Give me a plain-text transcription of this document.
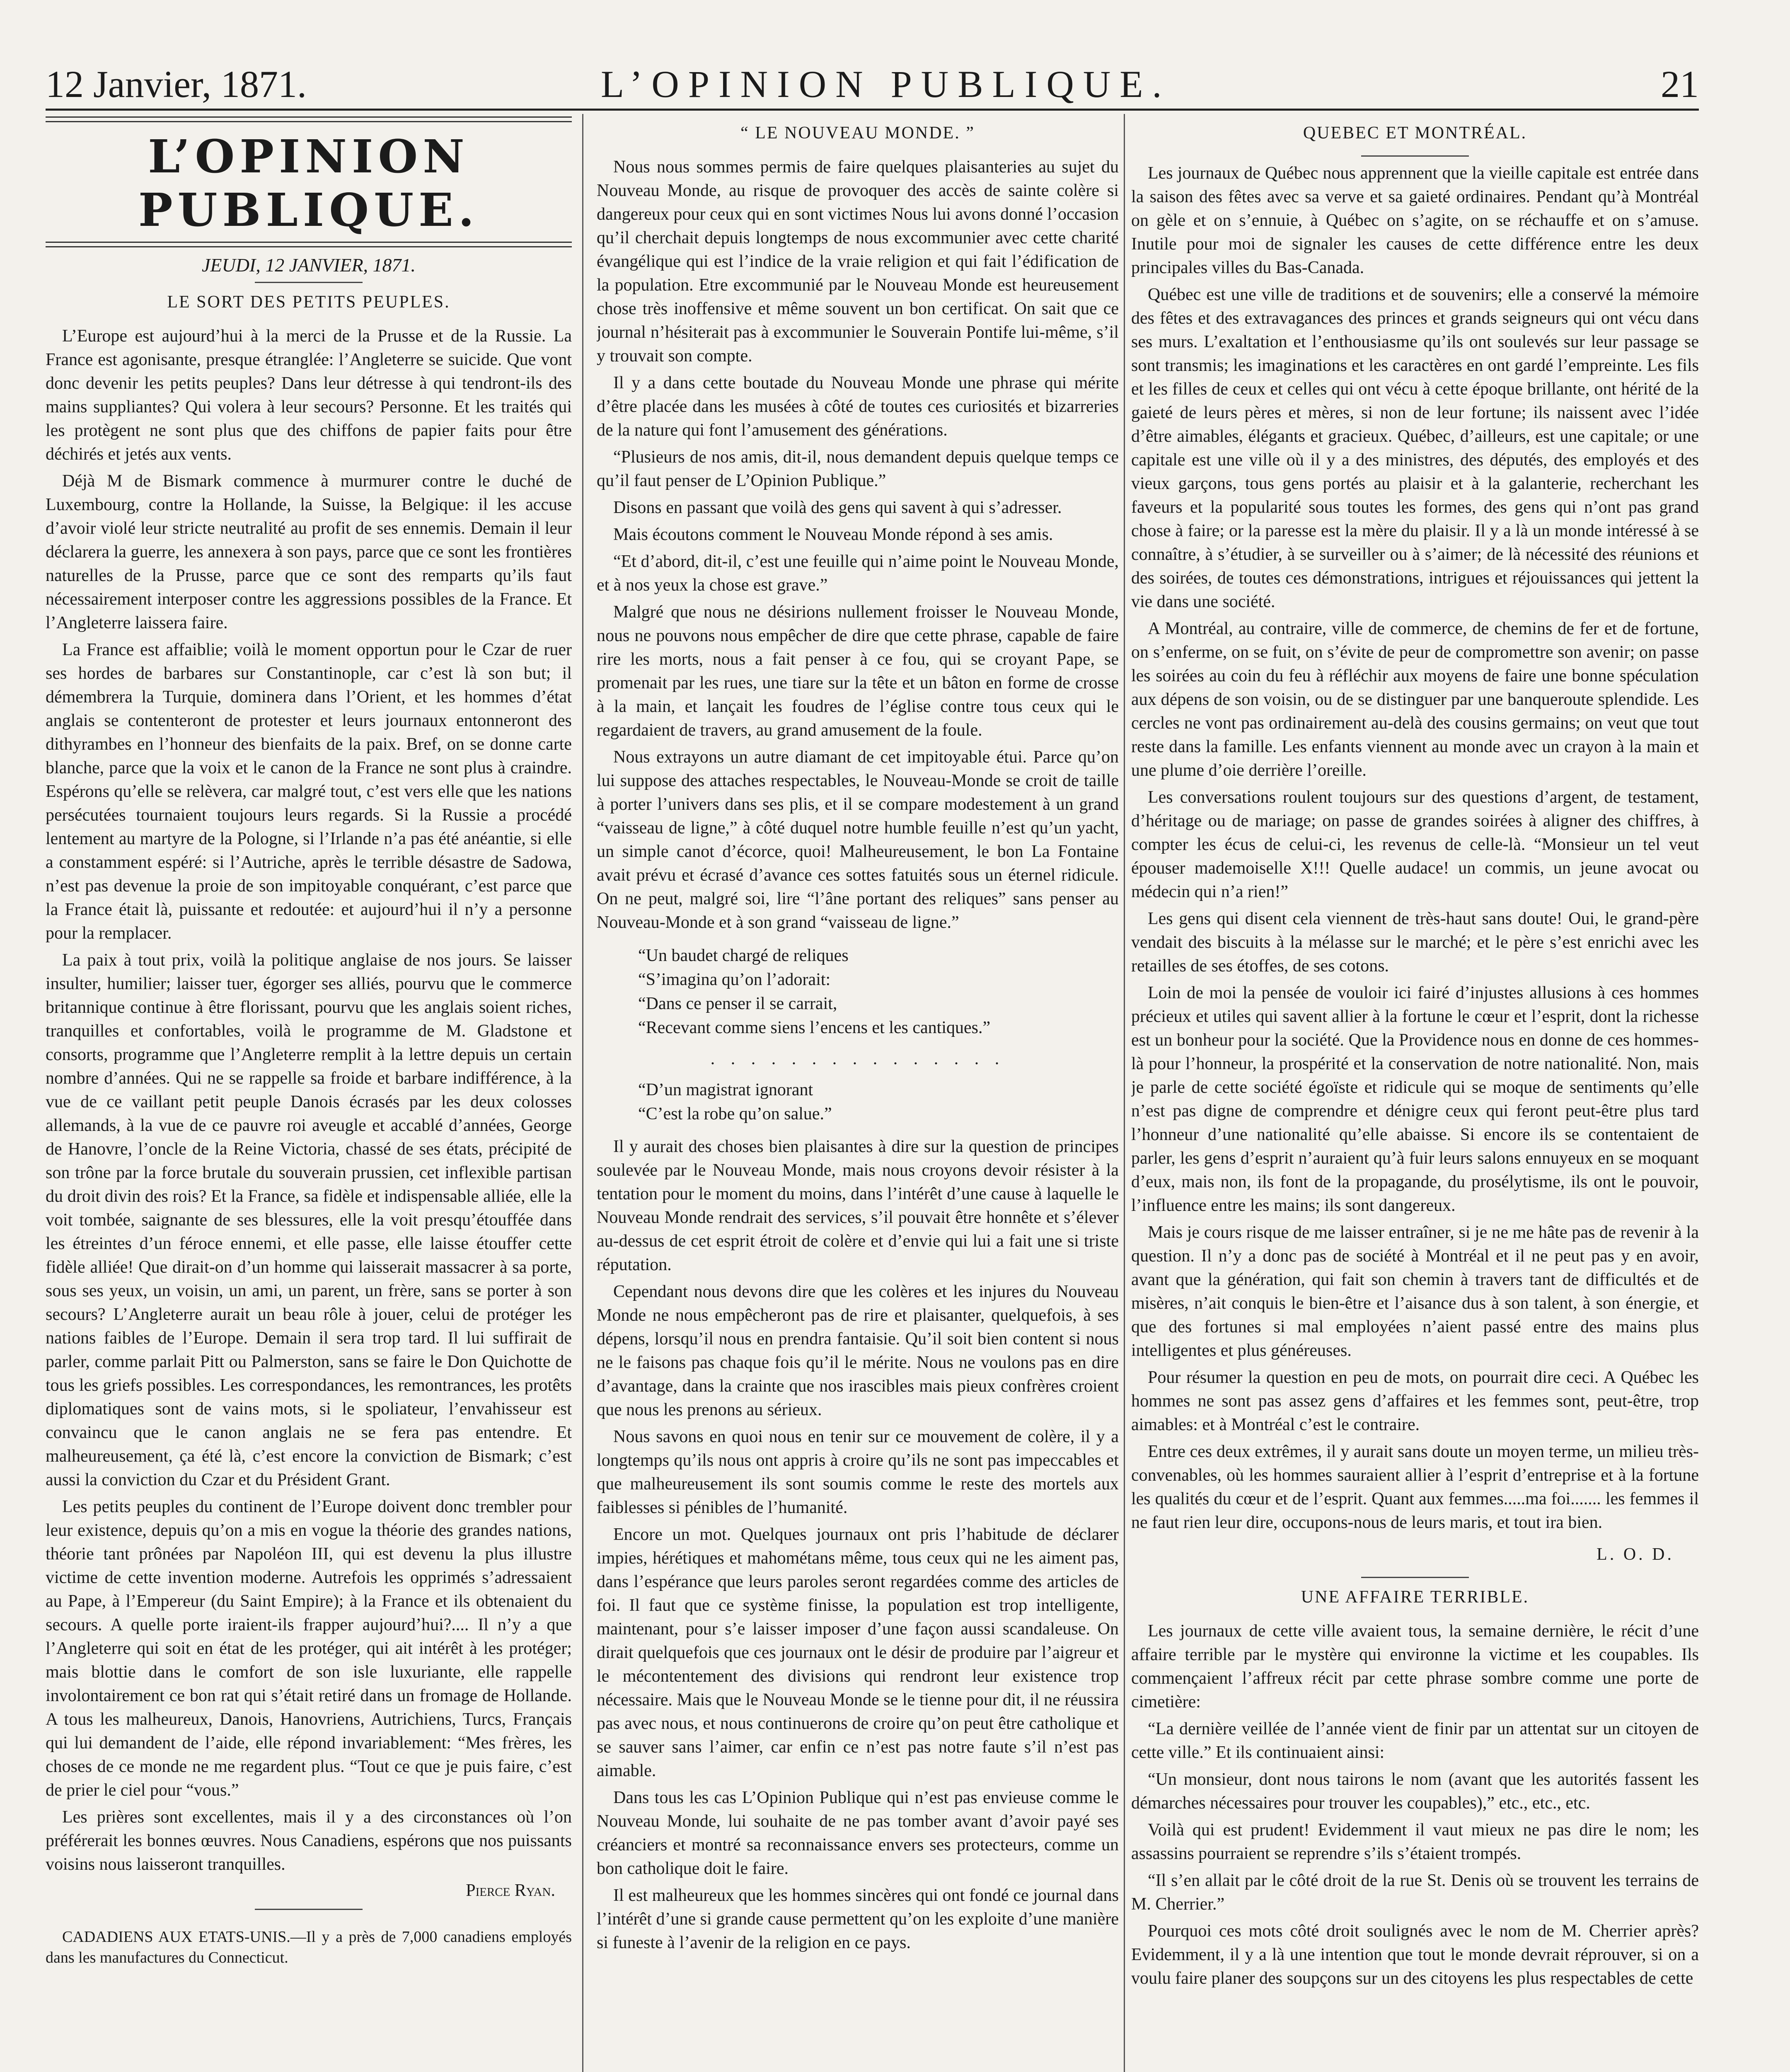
12 Janvier, 1871.	L’OPINION PUBLIQUE.	21
L’OPINION PUBLIQUE.
JEUDI, 12 JANVIER, 1871.
LE SORT DES PETITS PEUPLES.

L’Europe est aujourd’hui à la merci de la Prusse et de la Russie. La France est agonisante, presque étranglée: l’Angleterre se suicide. Que vont donc devenir les petits peuples? Dans leur détresse à qui tendront-ils des mains suppliantes? Qui volera à leur secours? Personne. Et les traités qui les protègent ne sont plus que des chiffons de papier faits pour être déchirés et jetés aux vents.

Déjà M de Bismark commence à murmurer contre le duché de Luxembourg, contre la Hollande, la Suisse, la Belgique: il les accuse d’avoir violé leur stricte neutralité au profit de ses ennemis. Demain il leur déclarera la guerre, les annexera à son pays, parce que ce sont les frontières naturelles de la Prusse, parce que ce sont des remparts qu’ils faut nécessairement interposer contre les aggressions possibles de la France. Et l’Angleterre laissera faire.

La France est affaiblie; voilà le moment opportun pour le Czar de ruer ses hordes de barbares sur Constantinople, car c’est là son but; il démembrera la Turquie, dominera dans l’Orient, et les hommes d’état anglais se contenteront de protester et leurs journaux entonneront des dithyrambes en l’honneur des bienfaits de la paix. Bref, on se donne carte blanche, parce que la voix et le canon de la France ne sont plus à craindre. Espérons qu’elle se relèvera, car malgré tout, c’est vers elle que les nations persécutées tournaient toujours leurs regards. Si la Russie a procédé lentement au martyre de la Pologne, si l’Irlande n’a pas été anéantie, si elle a constamment espéré: si l’Autriche, après le terrible désastre de Sadowa, n’est pas devenue la proie de son impitoyable conquérant, c’est parce que la France était là, puissante et redoutée: et aujourd’hui il n’y a personne pour la remplacer.

La paix à tout prix, voilà la politique anglaise de nos jours. Se laisser insulter, humilier; laisser tuer, égorger ses alliés, pourvu que le commerce britannique continue à être florissant, pourvu que les anglais soient riches, tranquilles et confortables, voilà le programme de M. Gladstone et consorts, programme que l’Angleterre remplit à la lettre depuis un certain nombre d’années. Qui ne se rappelle sa froide et barbare indifférence, à la vue de ce vaillant petit peuple Danois écrasés par les deux colosses allemands, à la vue de ce pauvre roi aveugle et accablé d’années, George de Hanovre, l’oncle de la Reine Victoria, chassé de ses états, précipité de son trône par la force brutale du souverain prussien, cet inflexible partisan du droit divin des rois? Et la France, sa fidèle et indispensable alliée, elle la voit tombée, saignante de ses blessures, elle la voit presqu’étouffée dans les étreintes d’un féroce ennemi, et elle passe, elle laisse étouffer cette fidèle alliée! Que dirait-on d’un homme qui laisserait massacrer à sa porte, sous ses yeux, un voisin, un ami, un parent, un frère, sans se porter à son secours? L’Angleterre aurait un beau rôle à jouer, celui de protéger les nations faibles de l’Europe. Demain il sera trop tard. Il lui suffirait de parler, comme parlait Pitt ou Palmerston, sans se faire le Don Quichotte de tous les griefs possibles. Les correspondances, les remontrances, les protêts diplomatiques sont de vains mots, si le spoliateur, l’envahisseur est convaincu que le canon anglais ne se fera pas entendre. Et malheureusement, ça été là, c’est encore la conviction de Bismark; c’est aussi la conviction du Czar et du Président Grant.

Les petits peuples du continent de l’Europe doivent donc trembler pour leur existence, depuis qu’on a mis en vogue la théorie des grandes nations, théorie tant prônées par Napoléon III, qui est devenu la plus illustre victime de cette invention moderne. Autrefois les opprimés s’adressaient au Pape, à l’Empereur (du Saint Empire); à la France et ils obtenaient du secours. A quelle porte iraient-ils frapper aujourd’hui?.... Il n’y a que l’Angleterre qui soit en état de les protéger, qui ait intérêt à les protéger; mais blottie dans le comfort de son isle luxuriante, elle rappelle involontairement ce bon rat qui s’était retiré dans un fromage de Hollande. A tous les malheureux, Danois, Hanovriens, Autrichiens, Turcs, Français qui lui demandent de l’aide, elle répond invariablement: “Mes frères, les choses de ce monde ne me regardent plus. “Tout ce que je puis faire, c’est de prier le ciel pour “vous.”

Les prières sont excellentes, mais il y a des circonstances où l’on préférerait les bonnes œuvres. Nous Canadiens, espérons que nos puissants voisins nous laisseront tranquilles.

Pierce Ryan.
CADADIENS AUX ETATS-UNIS.—Il y a près de 7,000 canadiens employés dans les manufactures du Connecticut.
“ LE NOUVEAU MONDE. ”

Nous nous sommes permis de faire quelques plaisanteries au sujet du Nouveau Monde, au risque de provoquer des accès de sainte colère si dangereux pour ceux qui en sont victimes Nous lui avons donné l’occasion qu’il cherchait depuis longtemps de nous excommunier avec cette charité évangélique qui est l’indice de la vraie religion et qui fait l’édification de la population. Etre excommunié par le Nouveau Monde est heureusement chose très inoffensive et même souvent un bon certificat. On sait que ce journal n’hésiterait pas à excommunier le Souverain Pontife lui-même, s’il y trouvait son compte.

Il y a dans cette boutade du Nouveau Monde une phrase qui mérite d’être placée dans les musées à côté de toutes ces curiosités et bizarreries de la nature qui font l’amusement des générations.

“Plusieurs de nos amis, dit-il, nous demandent depuis quelque temps ce qu’il faut penser de L’Opinion Publique.”

Disons en passant que voilà des gens qui savent à qui s’adresser.

Mais écoutons comment le Nouveau Monde répond à ses amis.

“Et d’abord, dit-il, c’est une feuille qui n’aime point le Nouveau Monde, et à nos yeux la chose est grave.”

Malgré que nous ne désirions nullement froisser le Nouveau Monde, nous ne pouvons nous empêcher de dire que cette phrase, capable de faire rire les morts, nous a fait penser à ce fou, qui se croyant Pape, se promenait par les rues, une tiare sur la tête et un bâton en forme de crosse à la main, et lançait les foudres de l’église contre tous ceux qui le regardaient de travers, au grand amusement de la foule.

Nous extrayons un autre diamant de cet impitoyable étui. Parce qu’on lui suppose des attaches respectables, le Nouveau-Monde se croit de taille à porter l’univers dans ses plis, et il se compare modestement à un grand “vaisseau de ligne,” à côté duquel notre humble feuille n’est qu’un yacht, un simple canot d’écorce, quoi! Malheureusement, le bon La Fontaine avait prévu et écrasé d’avance ces sottes fatuités sous un éternel ridicule. On ne peut, malgré soi, lire “l’âne portant des reliques” sans penser au Nouveau-Monde et à son grand “vaisseau de ligne.”

“Un baudet chargé de reliques
“S’imagina qu’on l’adorait:
“Dans ce penser il se carrait,
“Recevant comme siens l’encens et les cantiques.”
. . . . . . . . . . . . . . .
“D’un magistrat ignorant
“C’est la robe qu’on salue.”

Il y aurait des choses bien plaisantes à dire sur la question de principes soulevée par le Nouveau Monde, mais nous croyons devoir résister à la tentation pour le moment du moins, dans l’intérêt d’une cause à laquelle le Nouveau Monde rendrait des services, s’il pouvait être honnête et s’élever au-dessus de cet esprit étroit de colère et d’envie qui lui a fait une si triste réputation.

Cependant nous devons dire que les colères et les injures du Nouveau Monde ne nous empêcheront pas de rire et plaisanter, quelquefois, à ses dépens, lorsqu’il nous en prendra fantaisie. Qu’il soit bien content si nous ne le faisons pas chaque fois qu’il le mérite. Nous ne voulons pas en dire d’avantage, dans la crainte que nos irascibles mais pieux confrères croient que nous les prenons au sérieux.

Nous savons en quoi nous en tenir sur ce mouvement de colère, il y a longtemps qu’ils nous ont appris à croire qu’ils ne sont pas impeccables et que malheureusement ils sont soumis comme le reste des mortels aux faiblesses si pénibles de l’humanité.

Encore un mot. Quelques journaux ont pris l’habitude de déclarer impies, hérétiques et mahométans même, tous ceux qui ne les aiment pas, dans l’espérance que leurs paroles seront regardées comme des articles de foi. Il faut que ce système finisse, la population est trop intelligente, maintenant, pour s’e laisser imposer d’une façon aussi scandaleuse. On dirait quelquefois que ces journaux ont le désir de produire par l’aigreur et le mécontentement des divisions qui rendront leur existence trop nécessaire. Mais que le Nouveau Monde se le tienne pour dit, il ne réussira pas avec nous, et nous continuerons de croire qu’on peut être catholique et se sauver sans l’aimer, car enfin ce n’est pas notre faute s’il n’est pas aimable.

Dans tous les cas L’Opinion Publique qui n’est pas envieuse comme le Nouveau Monde, lui souhaite de ne pas tomber avant d’avoir payé ses créanciers et montré sa reconnaissance envers ses protecteurs, comme un bon catholique doit le faire.

Il est malheureux que les hommes sincères qui ont fondé ce journal dans l’intérêt d’une si grande cause permettent qu’on les exploite d’une manière si funeste à l’avenir de la religion en ce pays.

QUEBEC ET MONTRÉAL.

Les journaux de Québec nous apprennent que la vieille capitale est entrée dans la saison des fêtes avec sa verve et sa gaieté ordinaires. Pendant qu’à Montréal on gèle et on s’ennuie, à Québec on s’agite, on se réchauffe et on s’amuse. Inutile pour moi de signaler les causes de cette différence entre les deux principales villes du Bas-Canada.

Québec est une ville de traditions et de souvenirs; elle a conservé la mémoire des fêtes et des extravagances des princes et grands seigneurs qui ont vécu dans ses murs. L’exaltation et l’enthousiasme qu’ils ont soulevés sur leur passage se sont transmis; les imaginations et les caractères en ont gardé l’empreinte. Les fils et les filles de ceux et celles qui ont vécu à cette époque brillante, ont hérité de la gaieté de leurs pères et mères, si non de leur fortune; ils naissent avec l’idée d’être aimables, élégants et gracieux. Québec, d’ailleurs, est une capitale; or une capitale est une ville où il y a des ministres, des députés, des employés et des vieux garçons, tous gens portés au plaisir et à la galanterie, recherchant les faveurs et la popularité sous toutes les formes, des gens qui n’ont pas grand chose à faire; or la paresse est la mère du plaisir. Il y a là un monde intéressé à se connaître, à s’étudier, à se surveiller ou à s’aimer; de là nécessité des réunions et des soirées, de toutes ces démonstrations, intrigues et réjouissances qui jettent la vie dans une société.

A Montréal, au contraire, ville de commerce, de chemins de fer et de fortune, on s’enferme, on se fuit, on s’évite de peur de compromettre son avenir; on passe les soirées au coin du feu à réfléchir aux moyens de faire une bonne spéculation aux dépens de son voisin, ou de se distinguer par une banqueroute splendide. Les cercles ne vont pas ordinairement au-delà des cousins germains; on veut que tout reste dans la famille. Les enfants viennent au monde avec un crayon à la main et une plume d’oie derrière l’oreille.

Les conversations roulent toujours sur des questions d’argent, de testament, d’héritage ou de mariage; on passe de grandes soirées à aligner des chiffres, à compter les écus de celui-ci, les revenus de celle-là. “Monsieur un tel veut épouser mademoiselle X!!! Quelle audace! un commis, un jeune avocat ou médecin qui n’a rien!”

Les gens qui disent cela viennent de très-haut sans doute! Oui, le grand-père vendait des biscuits à la mélasse sur le marché; et le père s’est enrichi avec les retailles de ses étoffes, de ses cotons.

Loin de moi la pensée de vouloir ici fairé d’injustes allusions à ces hommes précieux et utiles qui savent allier à la fortune le cœur et l’esprit, dont la richesse est un bonheur pour la société. Que la Providence nous en donne de ces hommes-là pour l’honneur, la prospérité et la conservation de notre nationalité. Non, mais je parle de cette société égoïste et ridicule qui se moque de sentiments qu’elle n’est pas digne de comprendre et dénigre ceux qui feront peut-être plus tard l’honneur d’une nationalité qu’elle abaisse. Si encore ils se contentaient de parler, les gens d’esprit n’auraient qu’à fuir leurs salons ennuyeux en se moquant d’eux, mais non, ils font de la propagande, du prosélytisme, ils ont le pouvoir, l’influence entre les mains; ils sont dangereux.

Mais je cours risque de me laisser entraîner, si je ne me hâte pas de revenir à la question. Il n’y a donc pas de société à Montréal et il ne peut pas y en avoir, avant que la génération, qui fait son chemin à travers tant de difficultés et de misères, n’ait conquis le bien-être et l’aisance dus à son talent, à son énergie, et que des fortunes si mal employées n’aient passé entre des mains plus intelligentes et plus généreuses.

Pour résumer la question en peu de mots, on pourrait dire ceci. A Québec les hommes ne sont pas assez gens d’affaires et les femmes sont, peut-être, trop aimables: et à Montréal c’est le contraire.

Entre ces deux extrêmes, il y aurait sans doute un moyen terme, un milieu très-convenables, où les hommes sauraient allier à l’esprit d’entreprise et à la fortune les qualités du cœur et de l’esprit. Quant aux femmes.....ma foi....... les femmes il ne faut rien leur dire, occupons-nous de leurs maris, et tout ira bien.

L. O. D.
UNE AFFAIRE TERRIBLE.

Les journaux de cette ville avaient tous, la semaine dernière, le récit d’une affaire terrible par le mystère qui environne la victime et les coupables. Ils commençaient l’affreux récit par cette phrase sombre comme une porte de cimetière:

“La dernière veillée de l’année vient de finir par un attentat sur un citoyen de cette ville.” Et ils continuaient ainsi:

“Un monsieur, dont nous tairons le nom (avant que les autorités fassent les démarches nécessaires pour trouver les coupables),” etc., etc., etc.

Voilà qui est prudent! Evidemment il vaut mieux ne pas dire le nom; les assassins pourraient se reprendre s’ils s’étaient trompés.

“Il s’en allait par le côté droit de la rue St. Denis où se trouvent les terrains de M. Cherrier.”

Pourquoi ces mots côté droit soulignés avec le nom de M. Cherrier après? Evidemment, il y a là une intention que tout le monde devrait réprouver, si on a voulu faire planer des soupçons sur un des citoyens les plus respectables de cette
